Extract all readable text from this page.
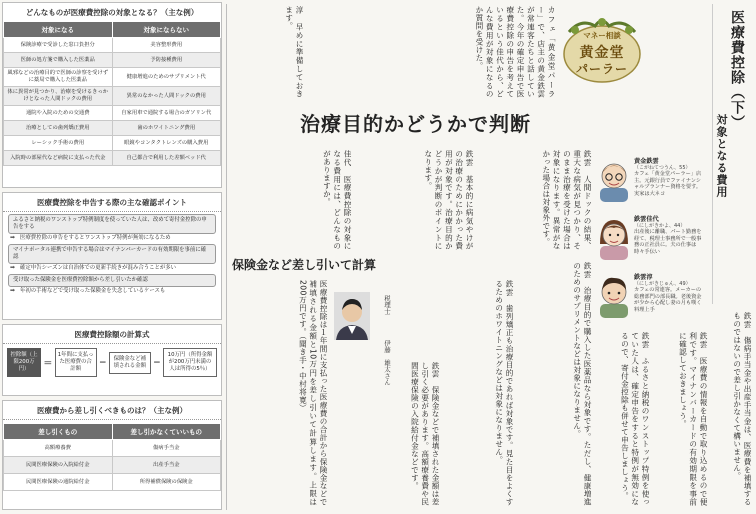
どんなものが医療費控除の対象となる？（主な例）
対象になる	対象にならない
保険診療で受診した窓口負担分	美容整形費用
医師の処方箋で購入した医薬品	予防接種費用
風邪などの治療目的で医師の診察を受けずに薬局で購入した医薬品	健康増進のためのサプリメント代
体に異常が見つかり、治療を受けるきっかけとなった人間ドックの費用	異常のなかった人間ドックの費用
通院や入院のための交通費	自家用車で通院する場合のガソリン代
治療としての歯列矯正費用	歯のホワイトニング費用
レーシック手術の費用	眼鏡やコンタクトレンズの購入費用
入院時の部屋代など病院に支払った代金	自己都合で利用した差額ベッド代
医療費控除を申告する際の主な確認ポイント
ふるさと納税のワンストップ特例制度を使っていた人は、改めて寄付金控除の申告をする
➡ 医療費控除の申告をするとワンストップ特例が無効になるため
マイナポータル連携で申告する場合はマイナンバーカードの有効期限を事前に確認
➡ 確定申告シーズンは自治体での更新手続きが混み合うことが多い
受け取った保険金を医療費控除額から差し引いたか確認
➡ 年初の手術などで受け取った保険金を失念しているケースも
医療費控除額の計算式
控除額（上限200万円）	＝
1年間に支払った医療費の合計額
−	保険金など補填される金額 −
10万円（所得金額が200万円未満の人は所得の5％）
医療費から差し引くべきものは？（主な例）
差し引くもの	差し引かなくていいもの
高額療養費	傷病手当金
民間医療保険の入院給付金	出産手当金
民間医療保険の通院給付金	所得補償保険の保険金
医療費控除（下）
対象となる費用
マネー相談
黄金堂
パーラー
黄金鉄雲
（こがねてつうん、55）
カフェ「黄金堂パーラー」店主。元銀行員でファイナンシャルプランナー資格を要す。実家は大ネコ
鉄雲佳代
（にしがきかよ、44）
出産後に離職、パート勤務を経て、税理士事務所で一般事務の正社員に。夫の仕事は時々手伝い
鉄雲淳
（にしがきじゅん、49）
カフェの常連客。メーカーの総務部門の部長職。老後資金が少から心配し妻の月も嘆く料理上手
治療目的かどうかで判断
保険金など差し引いて計算
税理士
伊藤　雄太さん
淳　早めに準備しておきます。	カフェ「黄金堂パーラー」で、店主の黄金鉄雲が常連客たちと話していた。今年の確定申告で医療費控除の申告を考えているという佳代から、どんな費用が対象になるのか質問を受けた。
佳代　医療費控除の対象になる費用には、どんなものがありますか。	鉄雲　基本的に病気やけがの治療のためにかかった費用が対象です。治療目的かどうかが判断のポイントになります。	鉄雲　人間ドックの結果、重大な病気が見つかり、そのまま治療を受けた場合は対象になります。異常がなかった場合は対象外です。
医療費控除は１年間に支払った医療費の合計から保険金などで補填される金額と10万円を差し引いて計算します。上限は200万円です。（聞き手・中村将寛）
鉄雲　保険金などで補填された金額は差し引く必要があります。高額療養費や民間医療保険の入院給付金などです。	鉄雲　歯列矯正も治療目的であれば対象です。見た目をよくするためのホワイトニングなどは対象になりません。	鉄雲　治療目的で購入した医薬品なら対象です。ただし、健康増進のためのサプリメントなどは対象になりません。	鉄雲　ふるさと納税のワンストップ特例を使っていた人は、確定申告をすると特例が無効になるので、寄付金控除も併せて申告しましょう。	鉄雲　医療費の情報を自動で取り込めるので便利です。マイナンバーカードの有効期限を事前に確認しておきましょう。	鉄雲　傷病手当金や出産手当金は、医療費を補填するものではないので差し引かなくて構いません。
